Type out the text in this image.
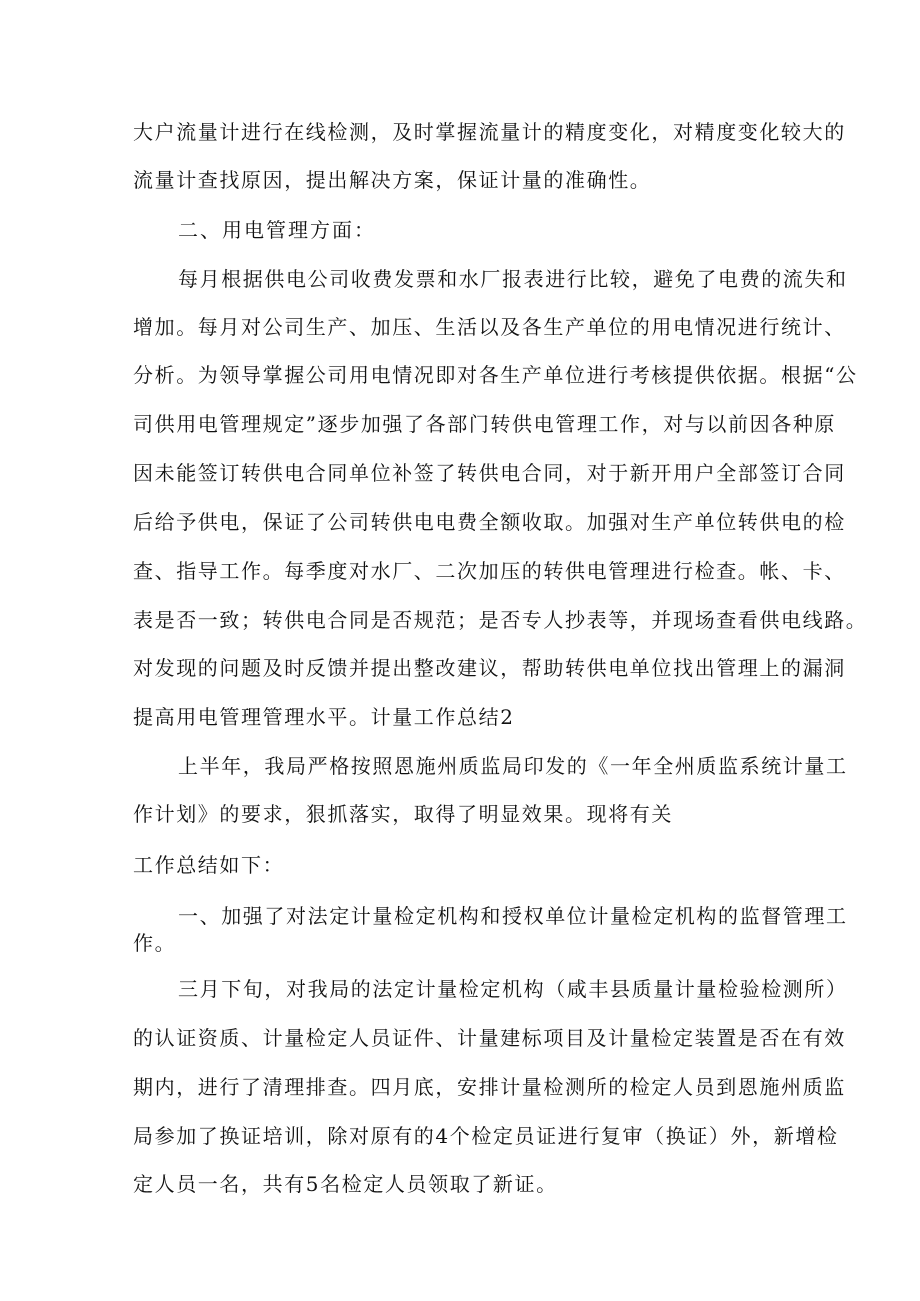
大户流量计进行在线检测，及时掌握流量计的精度变化，对精度变化较大的
流量计查找原因，提出解决方案，保证计量的准确性。
二、用电管理方面：
每月根据供电公司收费发票和水厂报表进行比较，避免了电费的流失和
增加。每月对公司生产、加压、生活以及各生产单位的用电情况进行统计、
分析。为领导掌握公司用电情况即对各生产单位进行考核提供依据。根据“公
司供用电管理规定”逐步加强了各部门转供电管理工作，对与以前因各种原
因未能签订转供电合同单位补签了转供电合同，对于新开用户全部签订合同
后给予供电，保证了公司转供电电费全额收取。加强对生产单位转供电的检
查、指导工作。每季度对水厂、二次加压的转供电管理进行检查。帐、卡、
表是否一致；转供电合同是否规范；是否专人抄表等，并现场查看供电线路。
对发现的问题及时反馈并提出整改建议，帮助转供电单位找出管理上的漏洞
提高用电管理管理水平。计量工作总结2
上半年，我局严格按照恩施州质监局印发的《一年全州质监系统计量工
作计划》的要求，狠抓落实，取得了明显效果。现将有关
工作总结如下：
一、加强了对法定计量检定机构和授权单位计量检定机构的监督管理工
作。
三月下旬，对我局的法定计量检定机构（咸丰县质量计量检验检测所）
的认证资质、计量检定人员证件、计量建标项目及计量检定装置是否在有效
期内，进行了清理排查。四月底，安排计量检测所的检定人员到恩施州质监
局参加了换证培训，除对原有的4个检定员证进行复审（换证）外，新增检
定人员一名，共有5名检定人员领取了新证。
